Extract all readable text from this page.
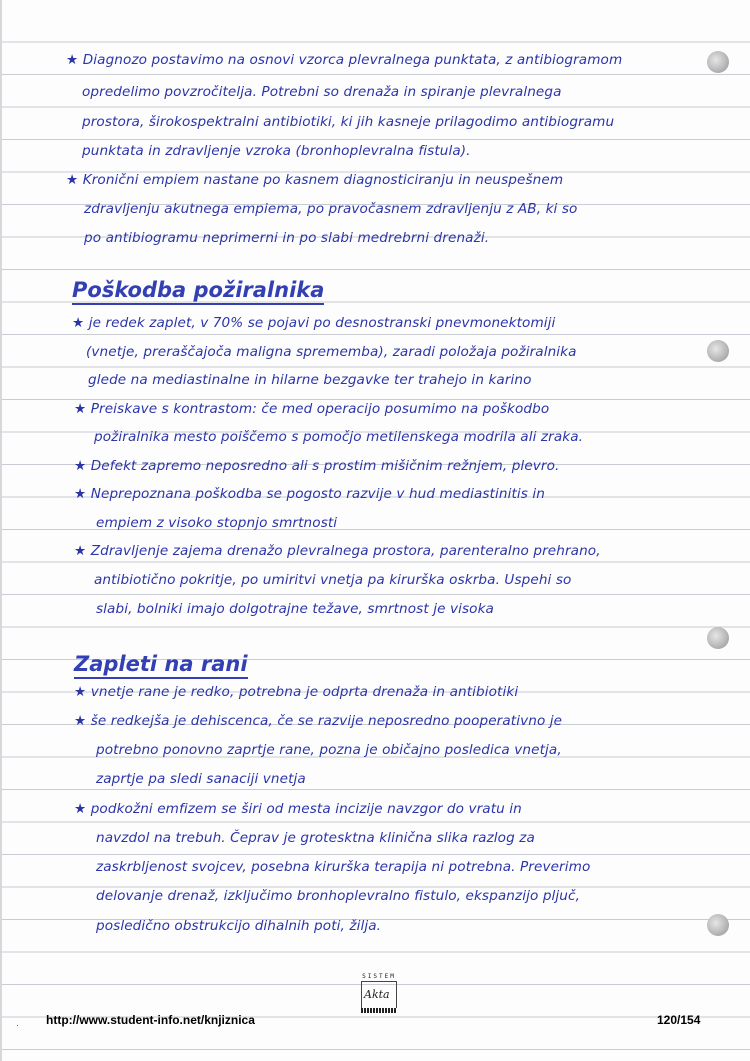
★ Diagnozo postavimo na osnovi vzorca plevralnega punktata, z antibiogramom
opredelimo povzročitelja. Potrebni so drenaža in spiranje plevralnega
prostora, širokospektralni antibiotiki, ki jih kasneje prilagodimo antibiogramu
punktata in zdravljenje vzroka (bronhoplevralna fistula).
★ Kronični empiem nastane po kasnem diagnosticiranju in neuspešnem
zdravljenju akutnega empiema, po pravočasnem zdravljenju z AB, ki so
po antibiogramu neprimerni in po slabi medrebrni drenaži.
Poškodba požiralnika
★ je redek zaplet, v 70% se pojavi po desnostranski pnevmonektomiji
(vnetje, preraščajoča maligna sprememba), zaradi položaja požiralnika
glede na mediastinalne in hilarne bezgavke ter trahejo in karino
★ Preiskave s kontrastom: če med operacijo posumimo na poškodbo
požiralnika mesto poiščemo s pomočjo metilenskega modrila ali zraka.
★ Defekt zapremo neposredno ali s prostim mišičnim režnjem, plevro.
★ Neprepoznana poškodba se pogosto razvije v hud mediastinitis in
empiem z visoko stopnjo smrtnosti
★ Zdravljenje zajema drenažo plevralnega prostora, parenteralno prehrano,
antibiotično pokritje, po umiritvi vnetja pa kirurška oskrba. Uspehi so
slabi, bolniki imajo dolgotrajne težave, smrtnost je visoka
Zapleti na rani
★ vnetje rane je redko, potrebna je odprta drenaža in antibiotiki
★ še redkejša je dehiscenca, če se razvije neposredno pooperativno je
potrebno ponovno zaprtje rane, pozna je običajno posledica vnetja,
zaprtje pa sledi sanaciji vnetja
★ podkožni emfizem se širi od mesta incizije navzgor do vratu in
navzdol na trebuh. Čeprav je grotesktna klinična slika razlog za
zaskrbljenost svojcev, posebna kirurška terapija ni potrebna. Preverimo
delovanje drenaž, izključimo bronhoplevralno fistulo, ekspanzijo pljuč,
posledično obstrukcijo dihalnih poti, žilja.
. http://www.student-info.net/knjiznica
SISTEM
Akta
120/154
